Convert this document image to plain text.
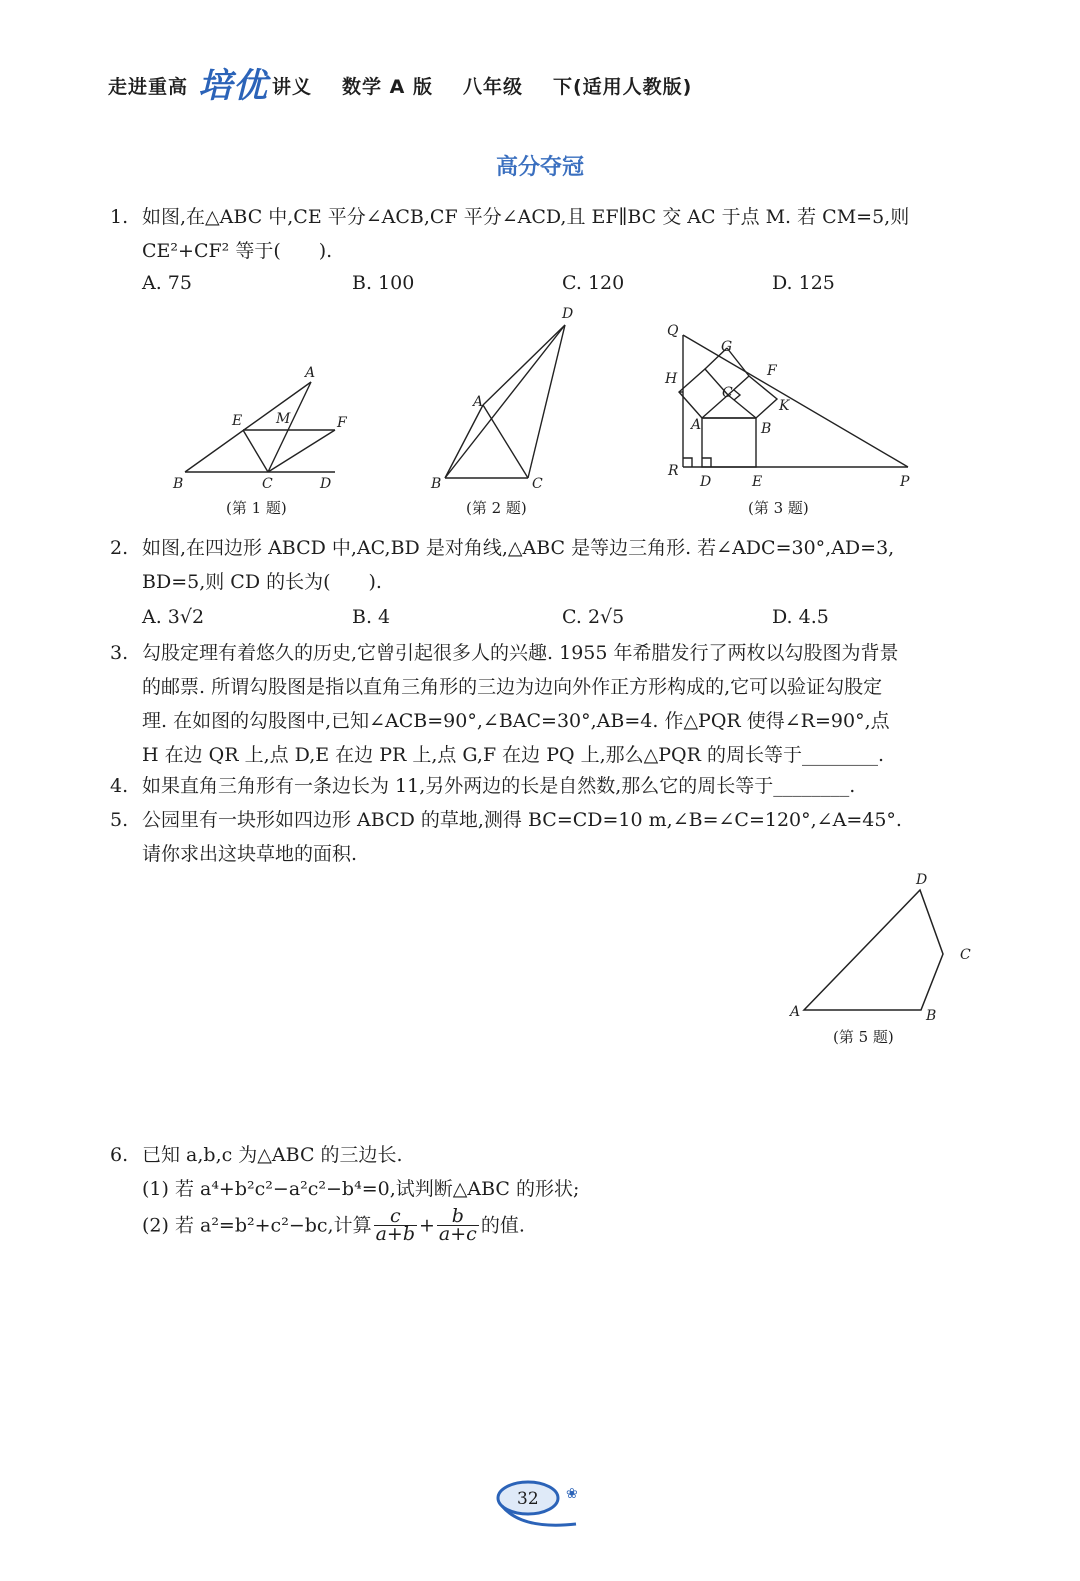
走进重高 培优 讲义 数学 A 版 八年级 下(适用人教版)
高分夺冠
1. 如图,在△ABC 中,CE 平分∠ACB,CF 平分∠ACD,且 EF∥BC 交 AC 于点 M. 若 CM=5,则
CE²+CF² 等于(　　).
A. 75	B. 100	C. 120	D. 125
A
E M	F
B	C	D
(第 1 题)
D
A
B	C
(第 2 题)
Q
G
H	F
C
K
A	B
R
D	E	P
(第 3 题)
2. 如图,在四边形 ABCD 中,AC,BD 是对角线,△ABC 是等边三角形. 若∠ADC=30°,AD=3,
BD=5,则 CD 的长为(　　).
A. 3√2	B. 4	C. 2√5	D. 4.5
3. 勾股定理有着悠久的历史,它曾引起很多人的兴趣. 1955 年希腊发行了两枚以勾股图为背景
的邮票. 所谓勾股图是指以直角三角形的三边为边向外作正方形构成的,它可以验证勾股定
理. 在如图的勾股图中,已知∠ACB=90°,∠BAC=30°,AB=4. 作△PQR 使得∠R=90°,点
H 在边 QR 上,点 D,E 在边 PR 上,点 G,F 在边 PQ 上,那么△PQR 的周长等于________.
4. 如果直角三角形有一条边长为 11,另外两边的长是自然数,那么它的周长等于________.
5. 公园里有一块形如四边形 ABCD 的草地,测得 BC=CD=10 m,∠B=∠C=120°,∠A=45°.
请你求出这块草地的面积.
D
C
A	B
(第 5 题)
6. 已知 a,b,c 为△ABC 的三边长.
(1) 若 a⁴+b²c²−a²c²−b⁴=0,试判断△ABC 的形状;
(2) 若 a²=b²+c²−bc,计算 $\frac{c}{a+b} + \frac{b}{a+c}$ 的值.
❀
32
